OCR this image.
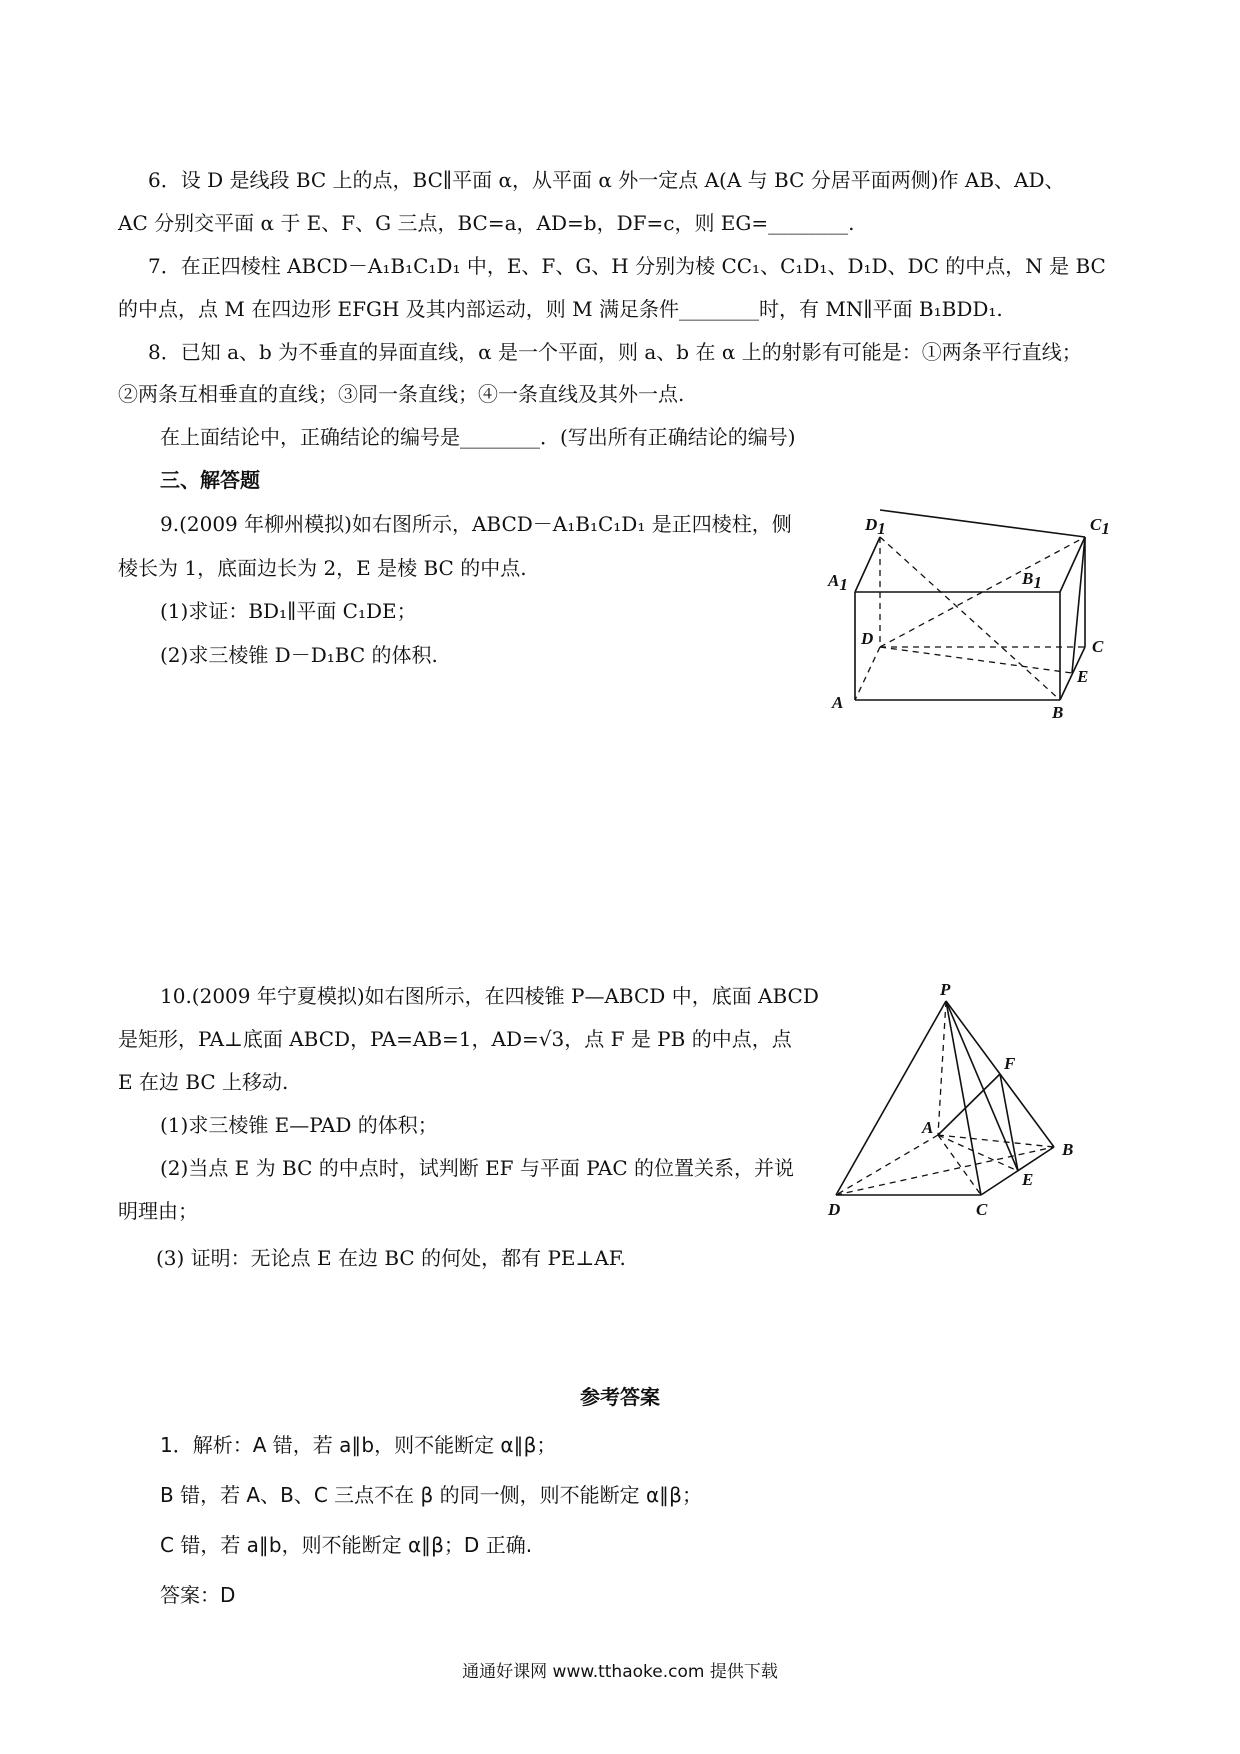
6．设 D 是线段 BC 上的点，BC∥平面 α，从平面 α 外一定点 A(A 与 BC 分居平面两侧)作 AB、AD、
AC 分别交平面 α 于 E、F、G 三点，BC=a，AD=b，DF=c，则 EG=________.
7．在正四棱柱 ABCD－A₁B₁C₁D₁ 中，E、F、G、H 分别为棱 CC₁、C₁D₁、D₁D、DC 的中点，N 是 BC
的中点，点 M 在四边形 EFGH 及其内部运动，则 M 满足条件________时，有 MN∥平面 B₁BDD₁.
8．已知 a、b 为不垂直的异面直线，α 是一个平面，则 a、b 在 α 上的射影有可能是：①两条平行直线；
②两条互相垂直的直线；③同一条直线；④一条直线及其外一点.
在上面结论中，正确结论的编号是________．(写出所有正确结论的编号)
三、解答题
9.(2009 年柳州模拟)如右图所示，ABCD－A₁B₁C₁D₁ 是正四棱柱，侧
棱长为 1，底面边长为 2，E 是棱 BC 的中点.
(1)求证：BD₁∥平面 C₁DE；
(2)求三棱锥 D－D₁BC 的体积.
D1	C1
A1	B1
D	C
E
A
B
10.(2009 年宁夏模拟)如右图所示，在四棱锥 P—ABCD 中，底面 ABCD
是矩形，PA⊥底面 ABCD，PA=AB=1，AD=√3，点 F 是 PB 的中点，点
E 在边 BC 上移动.
(1)求三棱锥 E—PAD 的体积；
(2)当点 E 为 BC 的中点时，试判断 EF 与平面 PAC 的位置关系，并说
明理由；
(3) 证明：无论点 E 在边 BC 的何处，都有 PE⊥AF.
P
F
A
B
E
D	C
参考答案
1．解析：A 错，若 a∥b，则不能断定 α∥β；
B 错，若 A、B、C 三点不在 β 的同一侧，则不能断定 α∥β；
C 错，若 a∥b，则不能断定 α∥β；D 正确.
答案：D
通通好课网 www.tthaoke.com 提供下载
